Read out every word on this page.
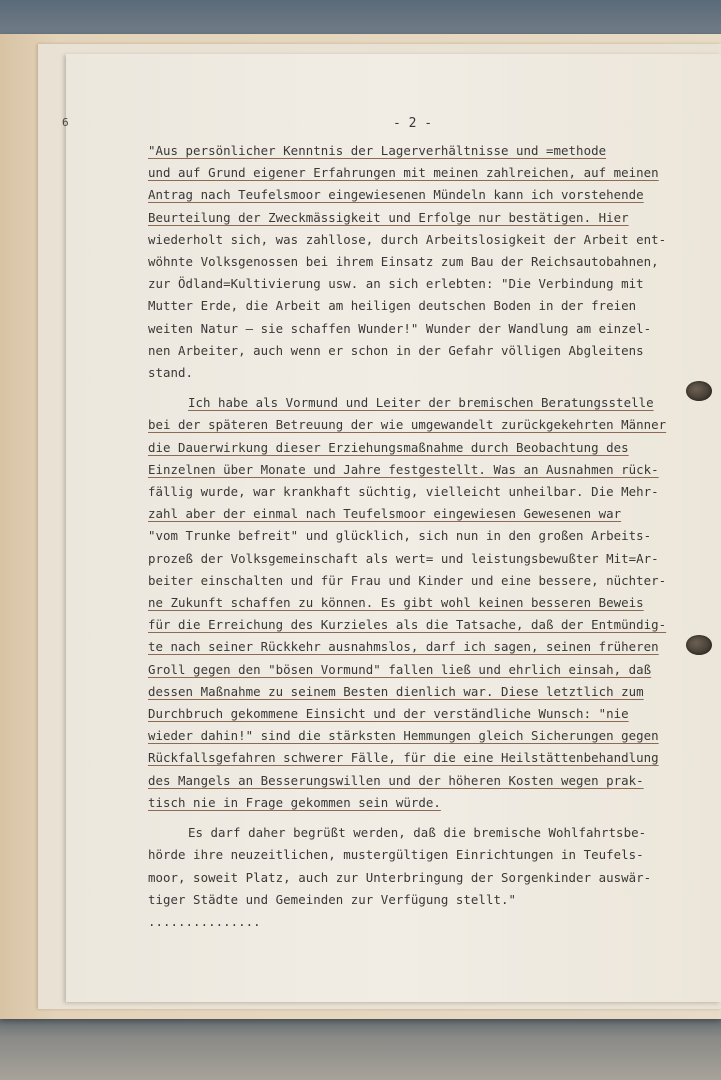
6	- 2 -
"Aus persönlicher Kenntnis der Lagerverhältnisse und =methode
und auf Grund eigener Erfahrungen mit meinen zahlreichen, auf meinen
Antrag nach Teufelsmoor eingewiesenen Mündeln kann ich vorstehende
Beurteilung der Zweckmässigkeit und Erfolge nur bestätigen. Hier
wiederholt sich, was zahllose, durch Arbeitslosigkeit der Arbeit ent-
wöhnte Volksgenossen bei ihrem Einsatz zum Bau der Reichsautobahnen,
zur Ödland=Kultivierung usw. an sich erlebten: "Die Verbindung mit
Mutter Erde, die Arbeit am heiligen deutschen Boden in der freien
weiten Natur — sie schaffen Wunder!" Wunder der Wandlung am einzel-
nen Arbeiter, auch wenn er schon in der Gefahr völligen Abgleitens
stand.
Ich habe als Vormund und Leiter der bremischen Beratungsstelle
bei der späteren Betreuung der wie umgewandelt zurückgekehrten Männer
die Dauerwirkung dieser Erziehungsmaßnahme durch Beobachtung des
Einzelnen über Monate und Jahre festgestellt. Was an Ausnahmen rück-
fällig wurde, war krankhaft süchtig, vielleicht unheilbar. Die Mehr-
zahl aber der einmal nach Teufelsmoor eingewiesen Gewesenen war
"vom Trunke befreit" und glücklich, sich nun in den großen Arbeits-
prozeß der Volksgemeinschaft als wert= und leistungsbewußter Mit=Ar-
beiter einschalten und für Frau und Kinder und eine bessere, nüchter-
ne Zukunft schaffen zu können. Es gibt wohl keinen besseren Beweis
für die Erreichung des Kurzieles als die Tatsache, daß der Entmündig-
te nach seiner Rückkehr ausnahmslos, darf ich sagen, seinen früheren
Groll gegen den "bösen Vormund" fallen ließ und ehrlich einsah, daß
dessen Maßnahme zu seinem Besten dienlich war. Diese letztlich zum
Durchbruch gekommene Einsicht und der verständliche Wunsch: "nie
wieder dahin!" sind die stärksten Hemmungen gleich Sicherungen gegen
Rückfallsgefahren schwerer Fälle, für die eine Heilstättenbehandlung
des Mangels an Besserungswillen und der höheren Kosten wegen prak-
tisch nie in Frage gekommen sein würde.
Es darf daher begrüßt werden, daß die bremische Wohlfahrtsbe-
hörde ihre neuzeitlichen, mustergültigen Einrichtungen in Teufels-
moor, soweit Platz, auch zur Unterbringung der Sorgenkinder auswär-
tiger Städte und Gemeinden zur Verfügung stellt."
...............
